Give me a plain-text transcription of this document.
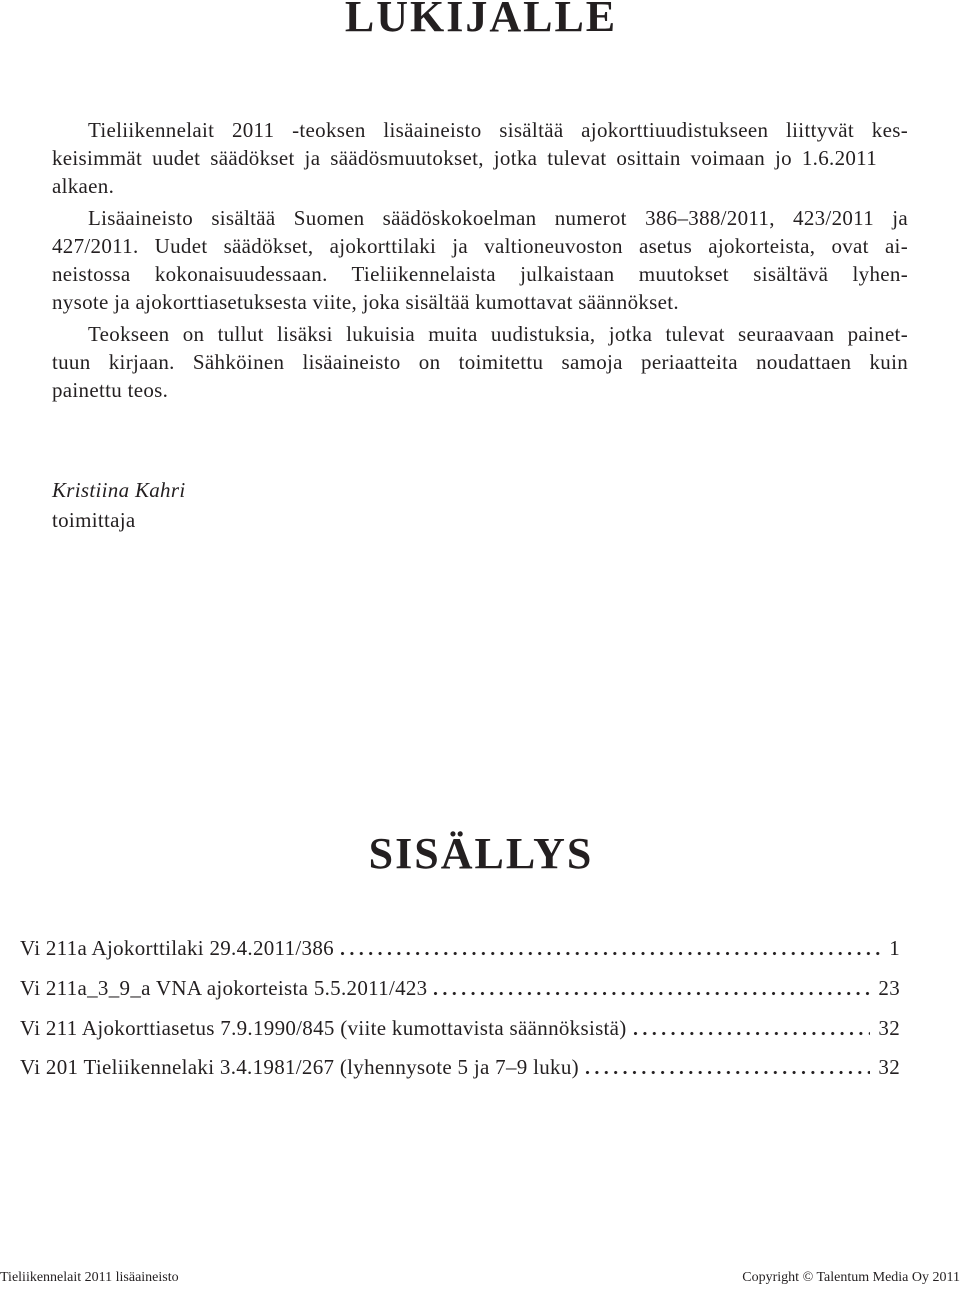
LUKIJALLE
Tieliikennelait 2011 -teoksen lisäaineisto sisältää ajokorttiuudistukseen liittyvät kes-
keisimmät uudet säädökset ja säädösmuutokset, jotka tulevat osittain voimaan jo 1.6.2011
alkaen.
Lisäaineisto sisältää Suomen säädöskokoelman numerot 386–388/2011, 423/2011 ja
427/2011. Uudet säädökset, ajokorttilaki ja valtioneuvoston asetus ajokorteista, ovat ai-
neistossa kokonaisuudessaan. Tieliikennelaista julkaistaan muutokset sisältävä lyhen-
nysote ja ajokorttiasetuksesta viite, joka sisältää kumottavat säännökset.
Teokseen on tullut lisäksi lukuisia muita uudistuksia, jotka tulevat seuraavaan painet-
tuun kirjaan. Sähköinen lisäaineisto on toimitettu samoja periaatteita noudattaen kuin
painettu teos.
Kristiina Kahri
toimittaja
SISÄLLYS
Vi 211a Ajokorttilaki 29.4.2011/386	1
Vi 211a_3_9_a VNA ajokorteista 5.5.2011/423	23
Vi 211 Ajokorttiasetus 7.9.1990/845 (viite kumottavista säännöksistä)	32
Vi 201 Tieliikennelaki 3.4.1981/267 (lyhennysote 5 ja 7–9 luku)	32
Tieliikennelait 2011 lisäaineisto	Copyright © Talentum Media Oy 2011
